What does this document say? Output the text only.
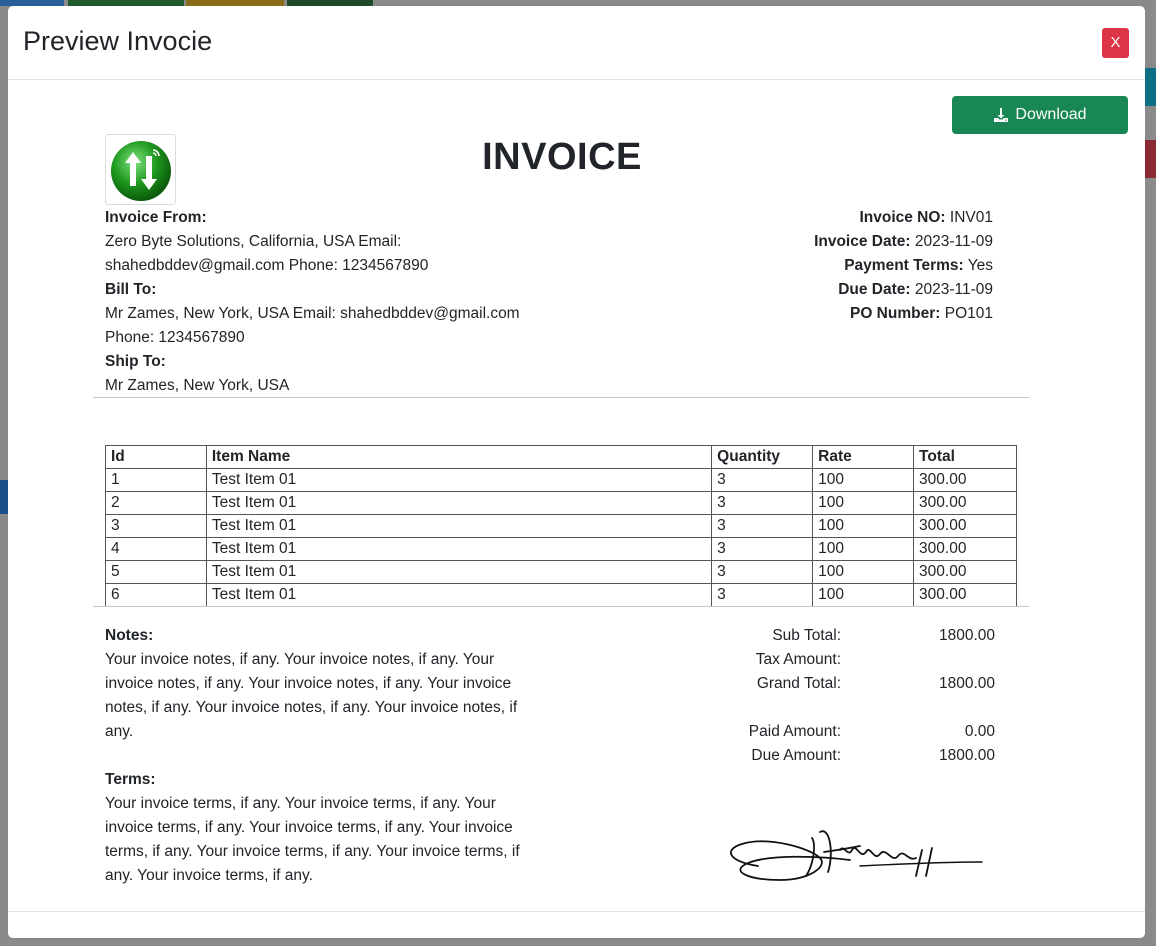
Preview Invocie	X
Download
INVOICE
Invoice From:
Zero Byte Solutions, California, USA Email: shahedbddev@gmail.com Phone: 1234567890
Bill To:
Mr Zames, New York, USA Email: shahedbddev@gmail.com Phone: 1234567890
Ship To:
Mr Zames, New York, USA
Invoice NO: INV01
Invoice Date: 2023-11-09
Payment Terms: Yes
Due Date: 2023-11-09
PO Number: PO101
Id	Item Name	Quantity	Rate	Total
1	Test Item 01	3	100	300.00
2	Test Item 01	3	100	300.00
3	Test Item 01	3	100	300.00
4	Test Item 01	3	100	300.00
5	Test Item 01	3	100	300.00
6	Test Item 01	3	100	300.00
Notes:
Your invoice notes, if any. Your invoice notes, if any. Your invoice notes, if any. Your invoice notes, if any. Your invoice notes, if any. Your invoice notes, if any. Your invoice notes, if any.
Terms:
Your invoice terms, if any. Your invoice terms, if any. Your invoice terms, if any. Your invoice terms, if any. Your invoice terms, if any. Your invoice terms, if any. Your invoice terms, if any. Your invoice terms, if any.
Sub Total:	1800.00
Tax Amount:
Grand Total:	1800.00
Paid Amount:	0.00
Due Amount:	1800.00
